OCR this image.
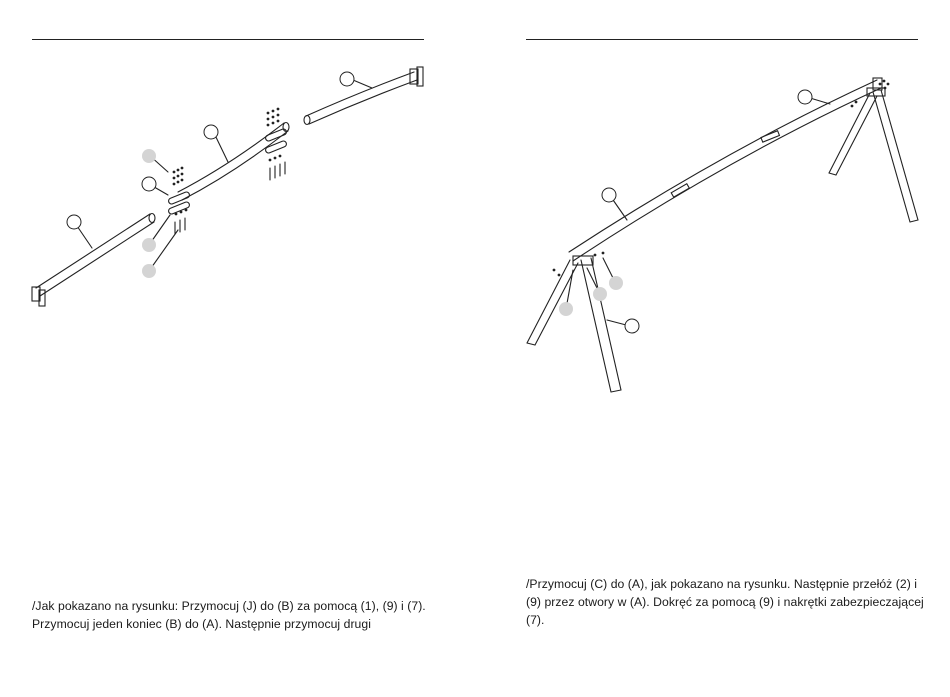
/Jak pokazano na rysunku: Przymocuj (J) do (B) za pomocą (1), (9) i (7). Przymocuj jeden koniec (B) do (A). Następnie przymocuj drugi
/Przymocuj (C) do (A), jak pokazano na rysunku. Następnie przełóż (2) i (9) przez otwory w (A). Dokręć za pomocą (9) i nakrętki zabezpieczającej (7).
